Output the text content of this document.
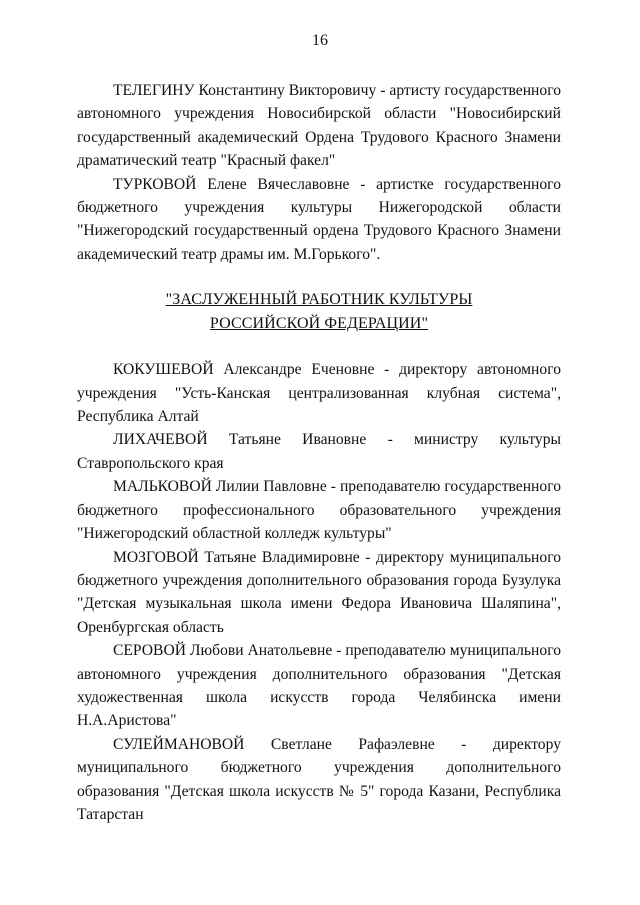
16

ТЕЛЕГИНУ Константину Викторовичу - артисту государственного автономного учреждения Новосибирской области "Новосибирский государственный академический Ордена Трудового Красного Знамени драматический театр "Красный факел"

ТУРКОВОЙ Елене Вячеславовне - артистке государственного бюджетного учреждения культуры Нижегородской области "Нижегородский государственный ордена Трудового Красного Знамени академический театр драмы им. М.Горького".

"ЗАСЛУЖЕННЫЙ РАБОТНИК КУЛЬТУРЫ
РОССИЙСКОЙ ФЕДЕРАЦИИ"

КОКУШЕВОЙ Александре Еченовне - директору автономного учреждения "Усть-Канская централизованная клубная система", Республика Алтай

ЛИХАЧЕВОЙ Татьяне Ивановне - министру культуры Ставропольского края

МАЛЬКОВОЙ Лилии Павловне - преподавателю государственного бюджетного профессионального образовательного учреждения "Нижегородский областной колледж культуры"

МОЗГОВОЙ Татьяне Владимировне - директору муниципального бюджетного учреждения дополнительного образования города Бузулука "Детская музыкальная школа имени Федора Ивановича Шаляпина", Оренбургская область

СЕРОВОЙ Любови Анатольевне - преподавателю муниципального автономного учреждения дополнительного образования "Детская художественная школа искусств города Челябинска имени Н.А.Аристова"

СУЛЕЙМАНОВОЙ Светлане Рафаэлевне - директору муниципального бюджетного учреждения дополнительного образования "Детская школа искусств № 5" города Казани, Республика Татарстан
